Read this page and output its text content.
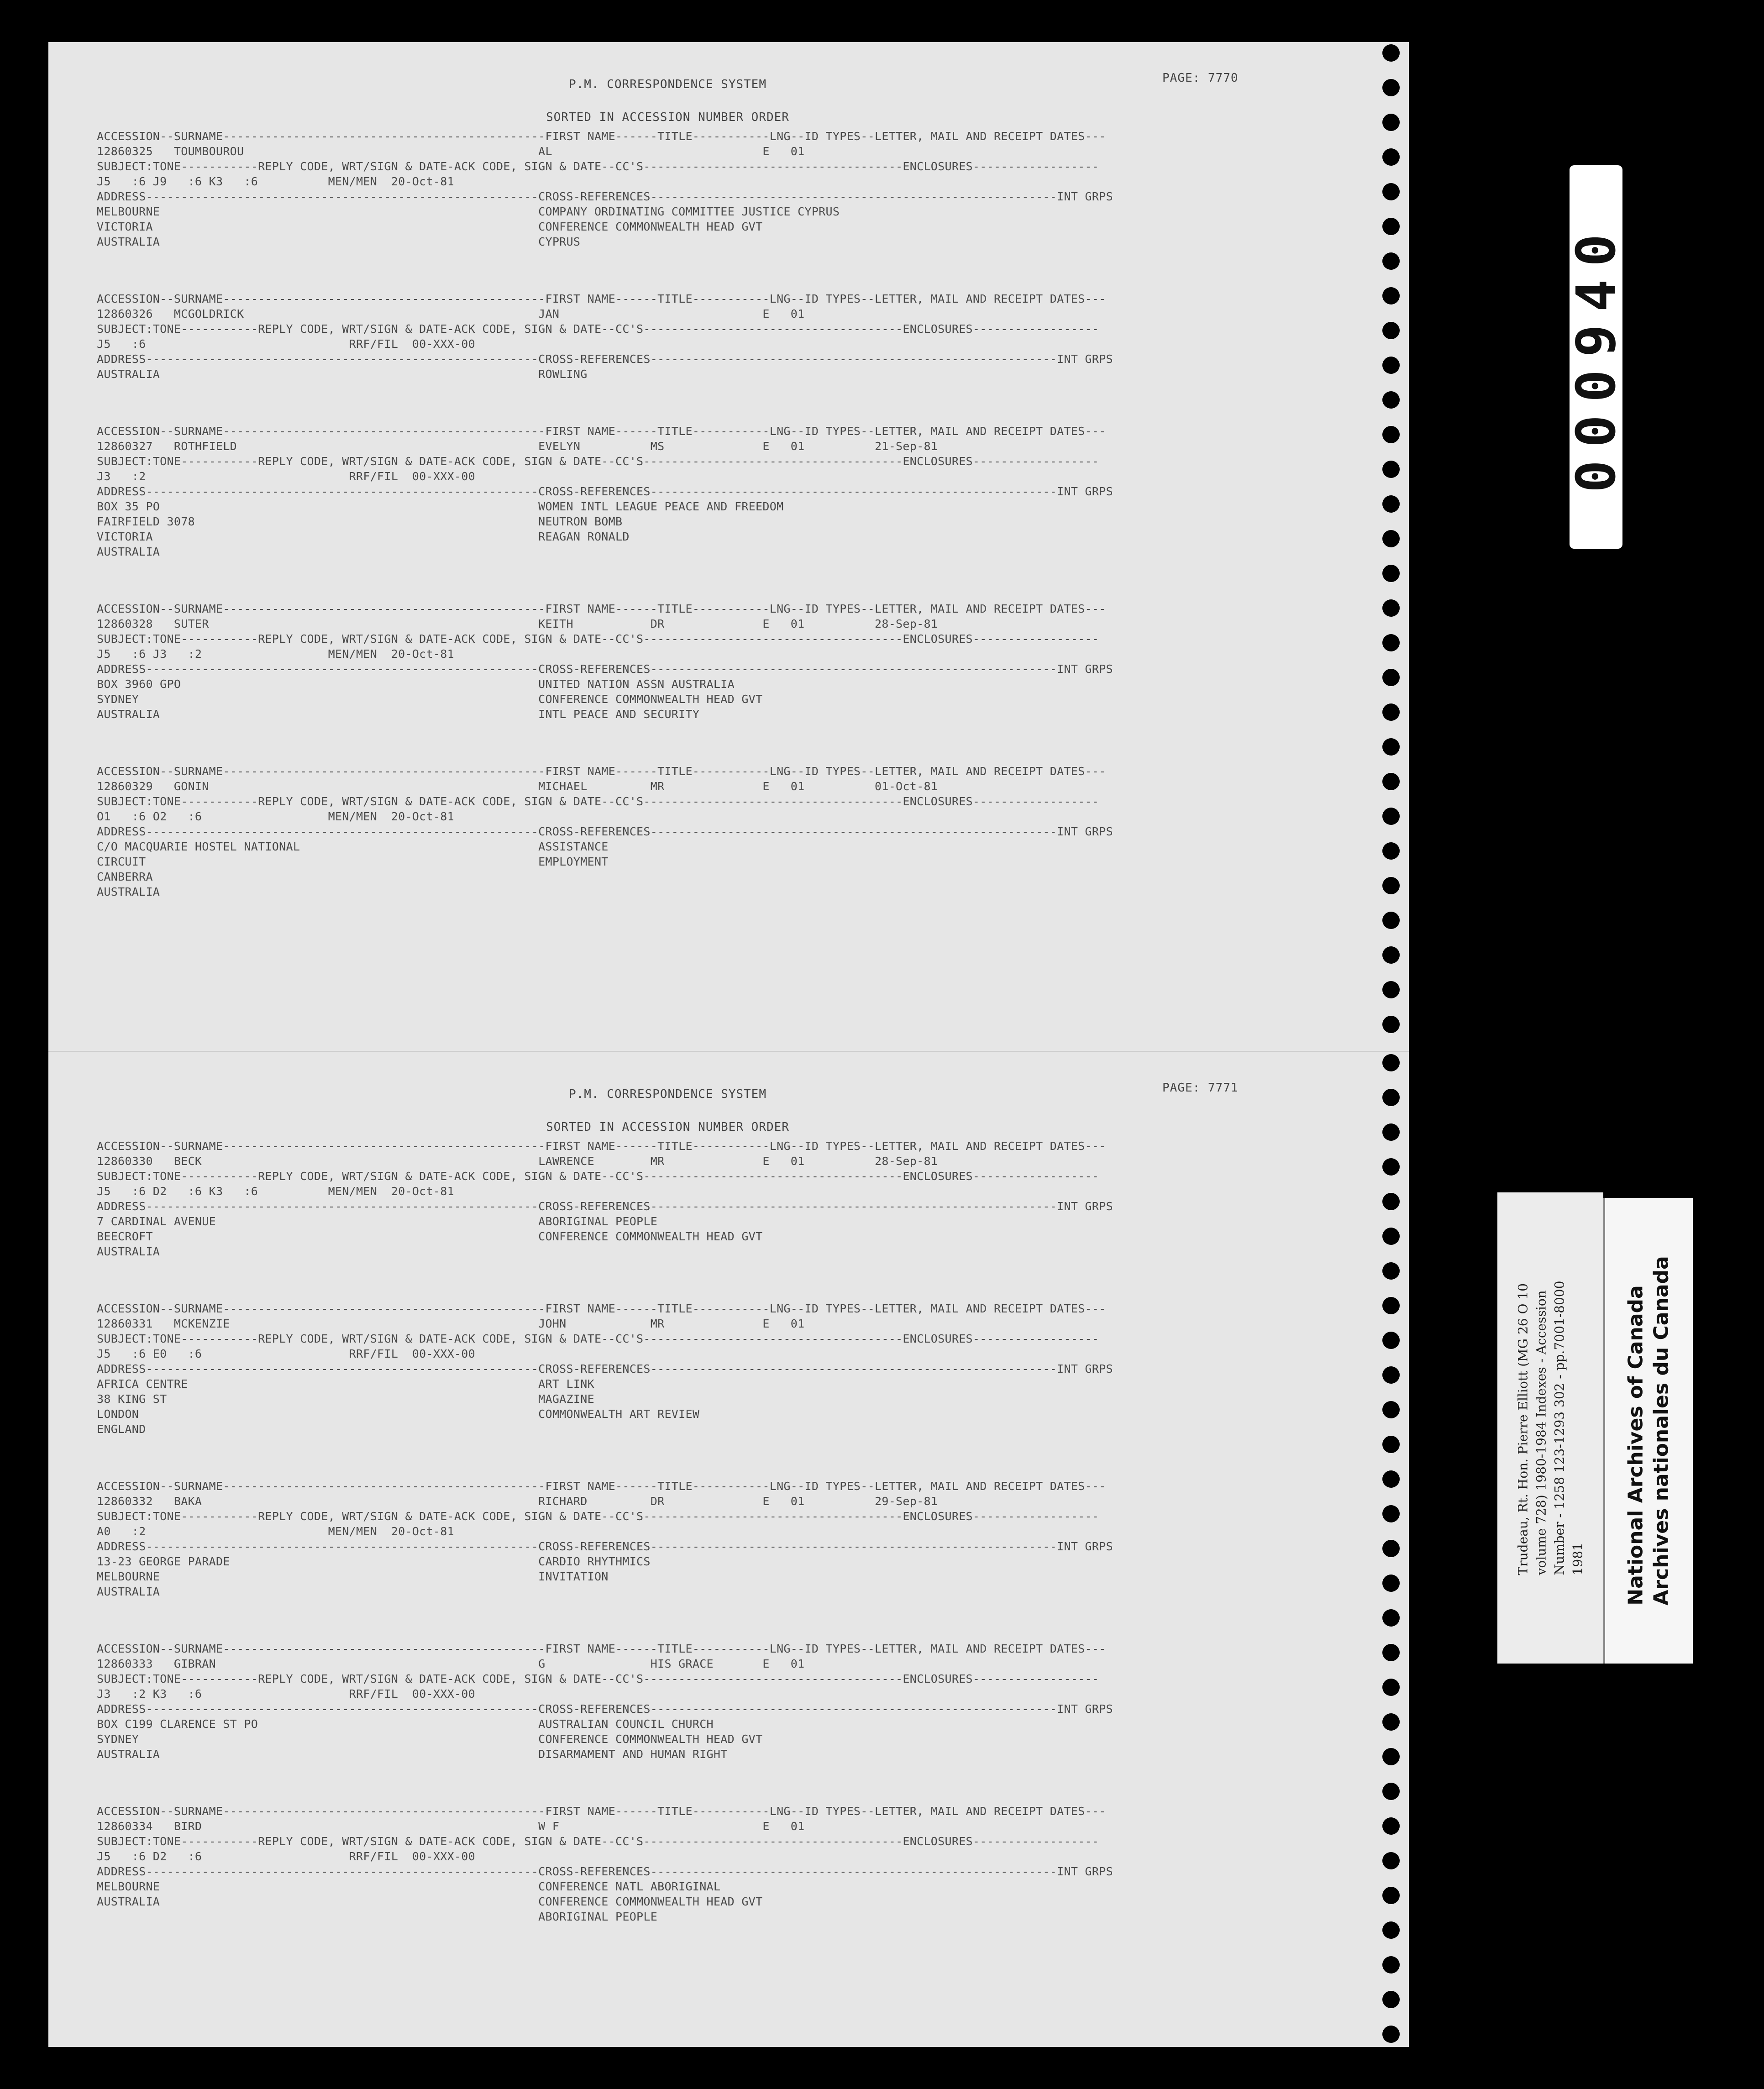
P.M. CORRESPONDENCE SYSTEM	PAGE: 7770

SORTED IN ACCESSION NUMBER ORDER

ACCESSION--SURNAME----------------------------------------------FIRST NAME------TITLE-----------LNG--ID TYPES--LETTER, MAIL AND RECEIPT DATES---

12860325   TOUMBOUROU                                          AL                              E   01

SUBJECT:TONE-----------REPLY CODE, WRT/SIGN & DATE-ACK CODE, SIGN & DATE--CC'S-------------------------------------ENCLOSURES------------------

J5   :6 J9   :6 K3   :6          MEN/MEN  20-Oct-81

ADDRESS--------------------------------------------------------CROSS-REFERENCES----------------------------------------------------------INT GRPS

MELBOURNE                                                      COMPANY ORDINATING COMMITTEE JUSTICE CYPRUS

VICTORIA                                                       CONFERENCE COMMONWEALTH HEAD GVT

AUSTRALIA                                                      CYPRUS

ACCESSION--SURNAME----------------------------------------------FIRST NAME------TITLE-----------LNG--ID TYPES--LETTER, MAIL AND RECEIPT DATES---

12860326   MCGOLDRICK                                          JAN                             E   01

SUBJECT:TONE-----------REPLY CODE, WRT/SIGN & DATE-ACK CODE, SIGN & DATE--CC'S-------------------------------------ENCLOSURES------------------

J5   :6                             RRF/FIL  00-XXX-00

ADDRESS--------------------------------------------------------CROSS-REFERENCES----------------------------------------------------------INT GRPS

AUSTRALIA                                                      ROWLING

ACCESSION--SURNAME----------------------------------------------FIRST NAME------TITLE-----------LNG--ID TYPES--LETTER, MAIL AND RECEIPT DATES---

12860327   ROTHFIELD                                           EVELYN          MS              E   01          21-Sep-81

SUBJECT:TONE-----------REPLY CODE, WRT/SIGN & DATE-ACK CODE, SIGN & DATE--CC'S-------------------------------------ENCLOSURES------------------

J3   :2                             RRF/FIL  00-XXX-00

ADDRESS--------------------------------------------------------CROSS-REFERENCES----------------------------------------------------------INT GRPS

BOX 35 PO                                                      WOMEN INTL LEAGUE PEACE AND FREEDOM

FAIRFIELD 3078                                                 NEUTRON BOMB

VICTORIA                                                       REAGAN RONALD

AUSTRALIA

ACCESSION--SURNAME----------------------------------------------FIRST NAME------TITLE-----------LNG--ID TYPES--LETTER, MAIL AND RECEIPT DATES---

12860328   SUTER                                               KEITH           DR              E   01          28-Sep-81

SUBJECT:TONE-----------REPLY CODE, WRT/SIGN & DATE-ACK CODE, SIGN & DATE--CC'S-------------------------------------ENCLOSURES------------------

J5   :6 J3   :2                  MEN/MEN  20-Oct-81

ADDRESS--------------------------------------------------------CROSS-REFERENCES----------------------------------------------------------INT GRPS

BOX 3960 GPO                                                   UNITED NATION ASSN AUSTRALIA

SYDNEY                                                         CONFERENCE COMMONWEALTH HEAD GVT

AUSTRALIA                                                      INTL PEACE AND SECURITY

ACCESSION--SURNAME----------------------------------------------FIRST NAME------TITLE-----------LNG--ID TYPES--LETTER, MAIL AND RECEIPT DATES---

12860329   GONIN                                               MICHAEL         MR              E   01          01-Oct-81

SUBJECT:TONE-----------REPLY CODE, WRT/SIGN & DATE-ACK CODE, SIGN & DATE--CC'S-------------------------------------ENCLOSURES------------------

O1   :6 O2   :6                  MEN/MEN  20-Oct-81

ADDRESS--------------------------------------------------------CROSS-REFERENCES----------------------------------------------------------INT GRPS

C/O MACQUARIE HOSTEL NATIONAL                                  ASSISTANCE

CIRCUIT                                                        EMPLOYMENT

CANBERRA

AUSTRALIA

P.M. CORRESPONDENCE SYSTEM	PAGE: 7771

SORTED IN ACCESSION NUMBER ORDER

ACCESSION--SURNAME----------------------------------------------FIRST NAME------TITLE-----------LNG--ID TYPES--LETTER, MAIL AND RECEIPT DATES---

12860330   BECK                                                LAWRENCE        MR              E   01          28-Sep-81

SUBJECT:TONE-----------REPLY CODE, WRT/SIGN & DATE-ACK CODE, SIGN & DATE--CC'S-------------------------------------ENCLOSURES------------------

J5   :6 D2   :6 K3   :6          MEN/MEN  20-Oct-81

ADDRESS--------------------------------------------------------CROSS-REFERENCES----------------------------------------------------------INT GRPS

7 CARDINAL AVENUE                                              ABORIGINAL PEOPLE

BEECROFT                                                       CONFERENCE COMMONWEALTH HEAD GVT

AUSTRALIA

ACCESSION--SURNAME----------------------------------------------FIRST NAME------TITLE-----------LNG--ID TYPES--LETTER, MAIL AND RECEIPT DATES---

12860331   MCKENZIE                                            JOHN            MR              E   01

SUBJECT:TONE-----------REPLY CODE, WRT/SIGN & DATE-ACK CODE, SIGN & DATE--CC'S-------------------------------------ENCLOSURES------------------

J5   :6 E0   :6                     RRF/FIL  00-XXX-00

ADDRESS--------------------------------------------------------CROSS-REFERENCES----------------------------------------------------------INT GRPS

AFRICA CENTRE                                                  ART LINK

38 KING ST                                                     MAGAZINE

LONDON                                                         COMMONWEALTH ART REVIEW

ENGLAND

ACCESSION--SURNAME----------------------------------------------FIRST NAME------TITLE-----------LNG--ID TYPES--LETTER, MAIL AND RECEIPT DATES---

12860332   BAKA                                                RICHARD         DR              E   01          29-Sep-81

SUBJECT:TONE-----------REPLY CODE, WRT/SIGN & DATE-ACK CODE, SIGN & DATE--CC'S-------------------------------------ENCLOSURES------------------

A0   :2                          MEN/MEN  20-Oct-81

ADDRESS--------------------------------------------------------CROSS-REFERENCES----------------------------------------------------------INT GRPS

13-23 GEORGE PARADE                                            CARDIO RHYTHMICS

MELBOURNE                                                      INVITATION

AUSTRALIA

ACCESSION--SURNAME----------------------------------------------FIRST NAME------TITLE-----------LNG--ID TYPES--LETTER, MAIL AND RECEIPT DATES---

12860333   GIBRAN                                              G               HIS GRACE       E   01

SUBJECT:TONE-----------REPLY CODE, WRT/SIGN & DATE-ACK CODE, SIGN & DATE--CC'S-------------------------------------ENCLOSURES------------------

J3   :2 K3   :6                     RRF/FIL  00-XXX-00

ADDRESS--------------------------------------------------------CROSS-REFERENCES----------------------------------------------------------INT GRPS

BOX C199 CLARENCE ST PO                                        AUSTRALIAN COUNCIL CHURCH

SYDNEY                                                         CONFERENCE COMMONWEALTH HEAD GVT

AUSTRALIA                                                      DISARMAMENT AND HUMAN RIGHT

ACCESSION--SURNAME----------------------------------------------FIRST NAME------TITLE-----------LNG--ID TYPES--LETTER, MAIL AND RECEIPT DATES---

12860334   BIRD                                                W F                             E   01

SUBJECT:TONE-----------REPLY CODE, WRT/SIGN & DATE-ACK CODE, SIGN & DATE--CC'S-------------------------------------ENCLOSURES------------------

J5   :6 D2   :6                     RRF/FIL  00-XXX-00

ADDRESS--------------------------------------------------------CROSS-REFERENCES----------------------------------------------------------INT GRPS

MELBOURNE                                                      CONFERENCE NATL ABORIGINAL

AUSTRALIA                                                      CONFERENCE COMMONWEALTH HEAD GVT

ABORIGINAL PEOPLE

000940

Trudeau, Rt. Hon. Pierre Elliott (MG 26 O 10 volume 728) 1980-1984 Indexes - Accession Number - 1258 123-1293 302 - pp.7001-8000 1981 National Archives of Canada Archives nationales du Canada
